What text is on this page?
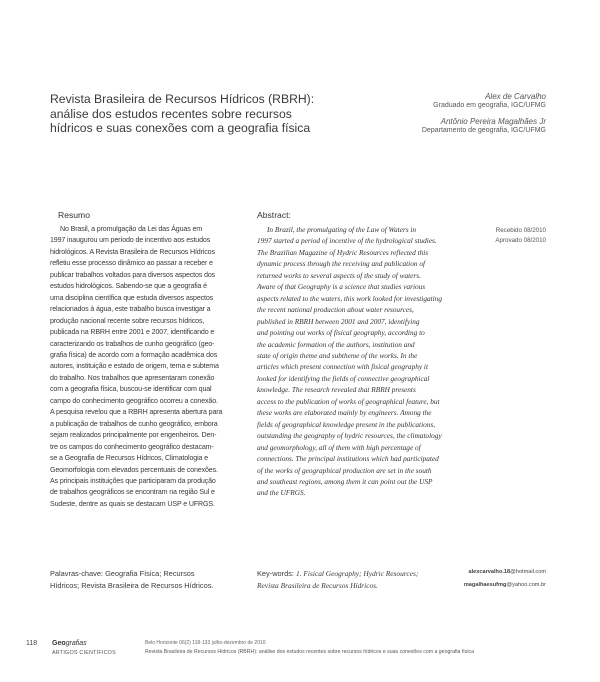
Revista Brasileira de Recursos Hídricos (RBRH):
análise dos estudos recentes sobre recursos
hídricos e suas conexões com a geografia física
Alex de Carvalho
Graduado em geografia, IGC/UFMG
Antônio Pereira Magalhães Jr
Departamento de geografia, IGC/UFMG
Resumo	Abstract:
No Brasil, a promulgação da Lei das Águas em
1997 inaugurou um período de incentivo aos estudos
hidrológicos. A Revista Brasileira de Recursos Hídricos
refletiu esse processo dinâmico ao passar a receber e
publicar trabalhos voltados para diversos aspectos dos
estudos hidrológicos. Sabendo-se que a geografia é
uma disciplina científica que estuda diversos aspectos
relacionados à água, este trabalho busca investigar a
produção nacional recente sobre recursos hídricos,
publicada na RBRH entre 2001 e 2007, identificando e
caracterizando os trabalhos de cunho geográfico (geo-
grafia física) de acordo com a formação acadêmica dos
autores, instituição e estado de origem, tema e subtema
do trabalho. Nos trabalhos que apresentaram conexão
com a geografia física, buscou-se identificar com qual
campo do conhecimento geográfico ocorreu a conexão.
A pesquisa revelou que a RBRH apresenta abertura para
a publicação de trabalhos de cunho geográfico, embora
sejam realizados principalmente por engenheiros. Den-
tre os campos do conhecimento geográfico destacam-
se a Geografia de Recursos Hídricos, Climatologia e
Geomorfologia com elevados percentuais de conexões.
As principais instituições que participaram da produção
de trabalhos geográficos se encontram na região Sul e
Sudeste, dentre as quais se destacam USP e UFRGS.
In Brazil, the promulgating of the Law of Waters in
1997 started a period of incentive of the hydrological studies.
The Brazilian Magazine of Hydric Resources reflected this
dynamic process through the receiving and publication of
returned works to several aspects of the study of waters.
Aware of that Geography is a science that studies various
aspects related to the waters, this work looked for investigating
the recent national production about water resources,
published in RBRH between 2001 and 2007, identifying
and pointing out works of fisical geography, according to
the academic formation of the authors, institution and
state of origin theme and subtheme of the works. In the
articles which present connection with fisical geography it
looked for identifying the fields of connective geographical
knowledge. The research revealed that RBRH presents
access to the publication of works of geographical feature, but
these works are elaborated mainly by engineers. Among the
fields of geographical knowledge present in the publications,
outstanding the geography of hydric resources, the climatology
and geomorphology, all of them with high percentage of
connections. The principal institutions which had participated
of the works of geographical production are set in the south
and southeast regions, among them it can point out the USP
and the UFRGS.
Recebido 08/2010
Aprovado 08/2010
Palavras-chave: Geografia Física; Recursos
Hídricos; Revista Brasileira de Recursos Hídricos.
Key-words: 1. Fisical Geography; Hydric Resources;
Revista Brasileira de Recursos Hídricos.
alexcarvalho.18@hotmail.com
magalhaesufmg@yahoo.com.br
118 Geografias
ARTIGOS CIENTÍFICOS
Belo Horizonte 06(2) 118-133 julho-dezembro de 2010
Revista Brasileira de Recursos Hídricos (RBRH): análise dos estudos recentes sobre recursos hídricos e suas conexões com a geografia física
